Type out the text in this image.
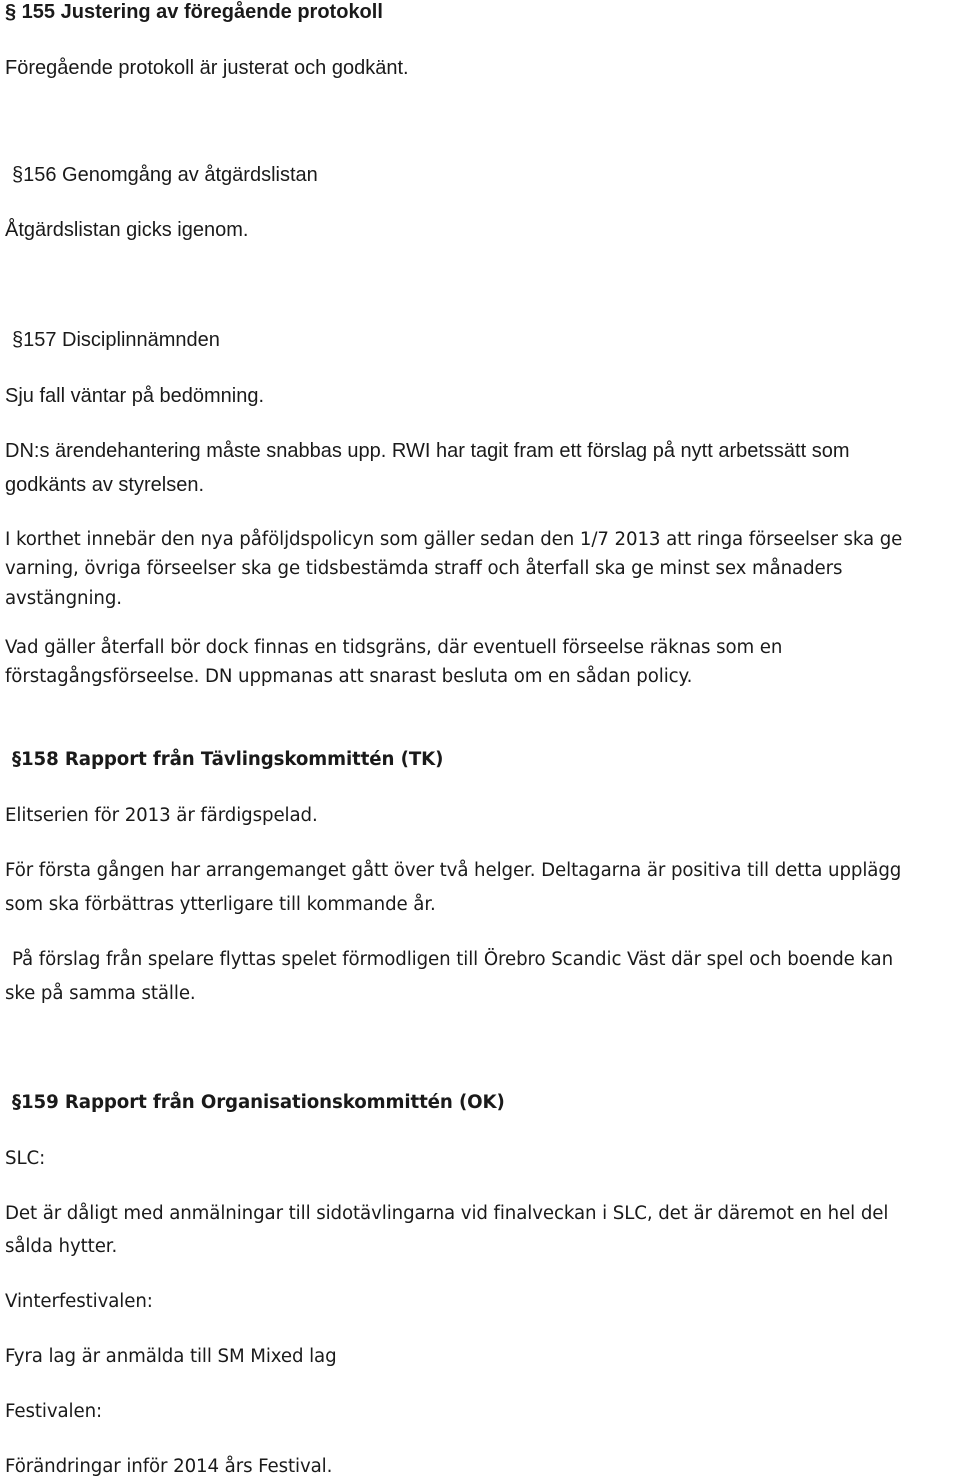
§ 155 Justering av föregående protokoll
Föregående protokoll är justerat och godkänt.
§156 Genomgång av åtgärdslistan
Åtgärdslistan gicks igenom.
§157 Disciplinnämnden
Sju fall väntar på bedömning.
DN:s ärendehantering måste snabbas upp. RWI har tagit fram ett förslag på nytt arbetssätt som
godkänts av styrelsen.
I korthet innebär den nya påföljdspolicyn som gäller sedan den 1/7 2013 att ringa förseelser ska ge
varning, övriga förseelser ska ge tidsbestämda straff och återfall ska ge minst sex månaders
avstängning.
Vad gäller återfall bör dock finnas en tidsgräns, där eventuell förseelse räknas som en
förstagångsförseelse. DN uppmanas att snarast besluta om en sådan policy.
§158 Rapport från Tävlingskommittén (TK)
Elitserien för 2013 är färdigspelad.
För första gången har arrangemanget gått över två helger. Deltagarna är positiva till detta upplägg
som ska förbättras ytterligare till kommande år.
På förslag från spelare flyttas spelet förmodligen till Örebro Scandic Väst där spel och boende kan
ske på samma ställe.
§159 Rapport från Organisationskommittén (OK)
SLC:
Det är dåligt med anmälningar till sidotävlingarna vid finalveckan i SLC, det är däremot en hel del
sålda hytter.
Vinterfestivalen:
Fyra lag är anmälda till SM Mixed lag
Festivalen:
Förändringar inför 2014 års Festival.
